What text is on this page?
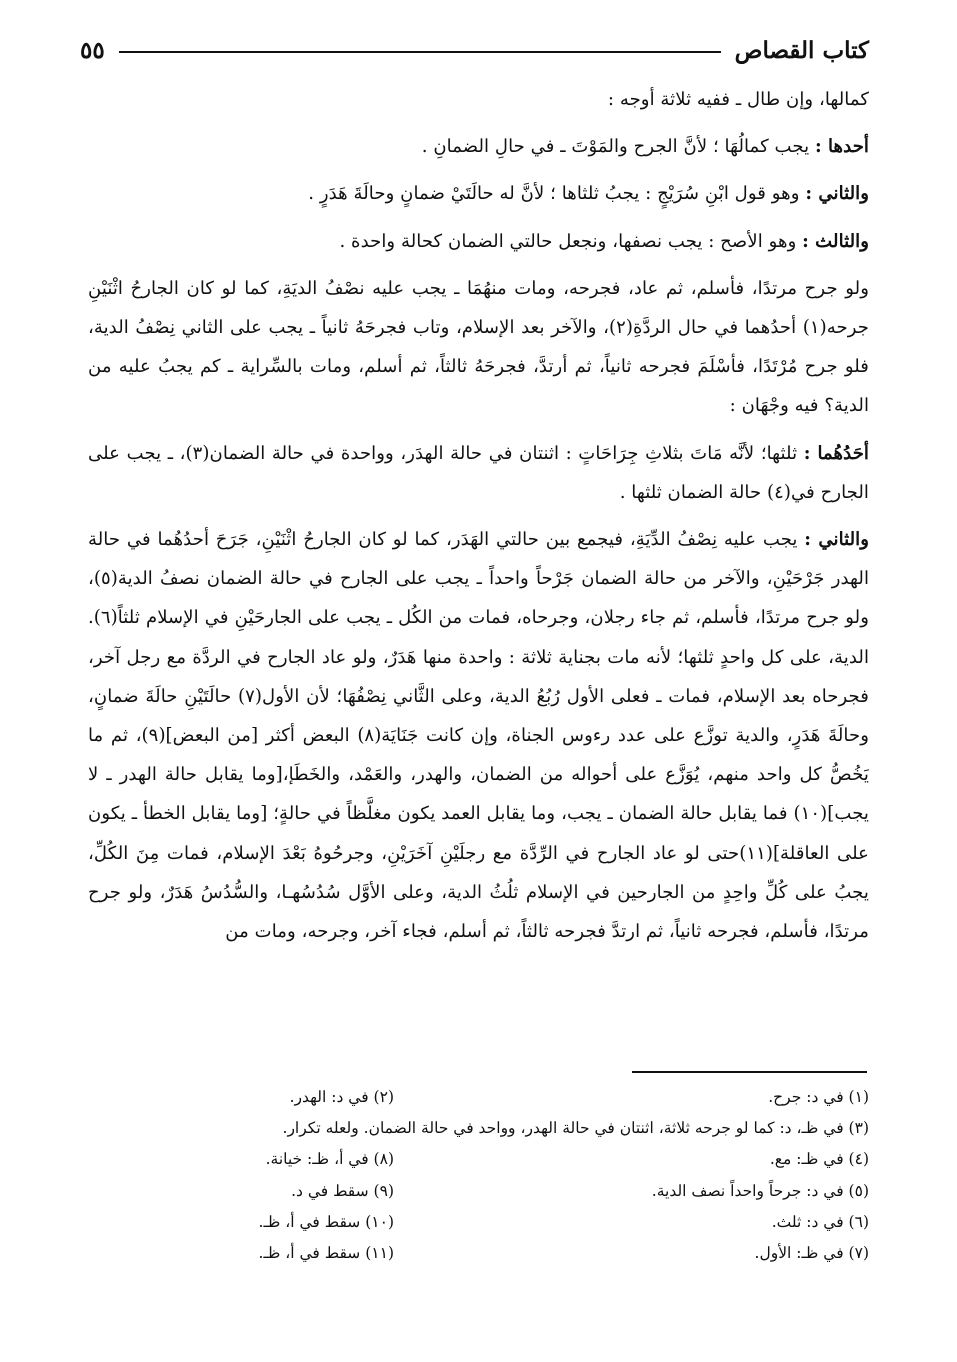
كتاب القصاص
٥٥

كمالها، وإن طال ـ ففيه ثلاثة أوجه :

أحدها : يجب كمالُهَا ؛ لأنَّ الجرح والمَوْتَ ـ في حالِ الضمانِ .

والثاني : وهو قول ابْنِ سُرَيْجٍ : يجبُ ثلثاها ؛ لأنَّ له حالَتَيْ ضمانٍ وحالَةَ هَدَرٍ .

والثالث : وهو الأصح : يجب نصفها، ونجعل حالتي الضمان كحالة واحدة .

ولو جرح مرتدًا، فأسلم، ثم عاد، فجرحه، ومات منهُمَا ـ يجب عليه نصْفُ الديَةِ، كما لو كان الجارحُ اثْنَيْنِ جرحه(١) أحدُهما في حال الردَّةِ(٢)، والآخر بعد الإسلام، وتاب فجرحَهُ ثانياً ـ يجب على الثاني نِصْفُ الدية، فلو جرح مُرْتَدًا، فأسْلَمَ فجرحه ثانياً، ثم أرتدَّ، فجرحَهُ ثالثاً، ثم أسلم، ومات بالسِّراية ـ كم يجبُ عليه من الدية؟ فيه وجْهَان :

أحَدُهُما : ثلثها؛ لأنَّه مَاتَ بثلاثِ جِرَاحَاتٍ : اثنتان في حالة الهدَر، وواحدة في حالة الضمان(٣)، ـ يجب على الجارح في(٤) حالة الضمان ثلثها .

والثاني : يجب عليه نِصْفُ الدِّيَةِ، فيجمع بين حالتي الهَدَر، كما لو كان الجارحُ اثْنَيْنِ، جَرَحَ أحدُهُما في حالة الهدر جَرْحَيْنِ، والآخر من حالة الضمان جَرْحاً واحداً ـ يجب على الجارح في حالة الضمان نصفُ الدية(٥)، ولو جرح مرتدًا، فأسلم، ثم جاء رجلان، وجرحاه، فمات من الكُل ـ يجب على الجارحَيْنِ في الإسلام ثلثاً(٦). الدية، على كل واحدٍ ثلثها؛ لأنه مات بجناية ثلاثة : واحدة منها هَدَرٌ، ولو عاد الجارح في الردَّة مع رجل آخر، فجرحاه بعد الإسلام، فمات ـ فعلى الأول رُبُعُ الدية، وعلى الثَّاني نِصْفُهَا؛ لأن الأول(٧) حالَتَيْنِ حالَةَ ضمانٍ، وحالَةَ هَدَرٍ، والدية توزَّع على عدد رءوس الجناة، وإن كانت جَنَايَة(٨) البعض أكثر [من البعض](٩)، ثم ما يَخُصُّ كل واحد منهم، يُوَزَّع على أحواله من الضمان، والهدر، والعَمْد، والخَطَإ،[وما يقابل حالة الهدر ـ لا يجب](١٠) فما يقابل حالة الضمان ـ يجب، وما يقابل العمد يكون مغلَّظاً في حالةٍ؛ [وما يقابل الخطأ ـ يكون على العاقلة](١١)حتى لو عاد الجارح في الرِّدَّة مع رجلَيْنِ آخَرَيْنِ، وجرحُوهُ بَعْدَ الإسلام، فمات مِنَ الكُلِّ، يجبُ على كُلِّ واحِدٍ من الجارحين في الإسلام ثلُثُ الدية، وعلى الأوَّل سُدُسُهـا، والسُّدُسُ هَدَرٌ، ولو جرح مرتدًا، فأسلم، فجرحه ثانياً، ثم ارتدَّ فجرحه ثالثاً، ثم أسلم، فجاء آخر، وجرحه، ومات من

(١) في د: جرح.
(٢) في د: الهدر.
(٣) في ظـ، د: كما لو جرحه ثلاثة، اثنتان في حالة الهدر، وواحد في حالة الضمان. ولعله تكرار.
(٤) في ظـ: مع.
(٨) في أ، ظـ: خيانة.
(٥) في د: جرحاً واحداً نصف الدية.
(٩) سقط في د.
(٦) في د: ثلث.
(١٠) سقط في أ، ظـ.
(٧) في ظـ: الأول.
(١١) سقط في أ، ظـ.
